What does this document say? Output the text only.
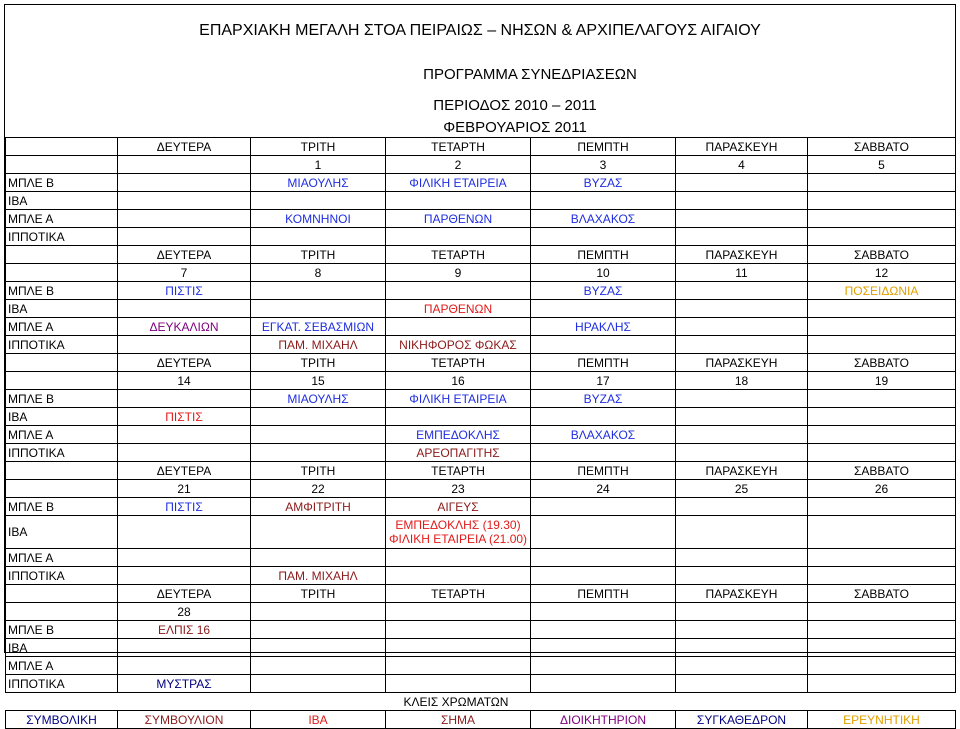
ΕΠΑΡΧΙΑΚΗ ΜΕΓΑΛΗ ΣΤΟΑ ΠΕΙΡΑΙΩΣ – ΝΗΣΩΝ & ΑΡΧΙΠΕΛΑΓΟΥΣ ΑΙΓΑΙΟΥ
ΠΡΟΓΡΑΜΜΑ ΣΥΝΕΔΡΙΑΣΕΩΝ
ΠΕΡΙΟΔΟΣ 2010 – 2011
ΦΕΒΡΟΥΑΡΙΟΣ 2011
	ΔΕΥΤΕΡΑ	ΤΡΙΤΗ	ΤΕΤΑΡΤΗ	ΠΕΜΠΤΗ	ΠΑΡΑΣΚΕΥΗ	ΣΑΒΒΑΤΟ
		1	2	3	4	5
ΜΠΛΕ Β		ΜΙΑΟΥΛΗΣ	ΦΙΛΙΚΗ ΕΤΑΙΡΕΙΑ	ΒΥΖΑΣ		
ΙΒΑ						
ΜΠΛΕ Α		ΚΟΜΝΗΝΟΙ	ΠΑΡΘΕΝΩΝ	ΒΛΑΧΑΚΟΣ		
ΙΠΠΟΤΙΚΑ						
	ΔΕΥΤΕΡΑ	ΤΡΙΤΗ	ΤΕΤΑΡΤΗ	ΠΕΜΠΤΗ	ΠΑΡΑΣΚΕΥΗ	ΣΑΒΒΑΤΟ
	7	8	9	10	11	12
ΜΠΛΕ Β	ΠΙΣΤΙΣ			ΒΥΖΑΣ		ΠΟΣΕΙΔΩΝΙΑ
ΙΒΑ			ΠΑΡΘΕΝΩΝ			
ΜΠΛΕ Α	ΔΕΥΚΑΛΙΩΝ	ΕΓΚΑΤ. ΣΕΒΑΣΜΙΩΝ		ΗΡΑΚΛΗΣ		
ΙΠΠΟΤΙΚΑ		ΠΑΜ. ΜΙΧΑΗΛ	ΝΙΚΗΦΟΡΟΣ ΦΩΚΑΣ			
	ΔΕΥΤΕΡΑ	ΤΡΙΤΗ	ΤΕΤΑΡΤΗ	ΠΕΜΠΤΗ	ΠΑΡΑΣΚΕΥΗ	ΣΑΒΒΑΤΟ
	14	15	16	17	18	19
ΜΠΛΕ Β		ΜΙΑΟΥΛΗΣ	ΦΙΛΙΚΗ ΕΤΑΙΡΕΙΑ	ΒΥΖΑΣ		
ΙΒΑ	ΠΙΣΤΙΣ					
ΜΠΛΕ Α			ΕΜΠΕΔΟΚΛΗΣ	ΒΛΑΧΑΚΟΣ		
ΙΠΠΟΤΙΚΑ			ΑΡΕΟΠΑΓΙΤΗΣ			
	ΔΕΥΤΕΡΑ	ΤΡΙΤΗ	ΤΕΤΑΡΤΗ	ΠΕΜΠΤΗ	ΠΑΡΑΣΚΕΥΗ	ΣΑΒΒΑΤΟ
	21	22	23	24	25	26
ΜΠΛΕ Β	ΠΙΣΤΙΣ	ΑΜΦΙΤΡΙΤΗ	ΑΙΓΕΥΣ			
ΙΒΑ			ΕΜΠΕΔΟΚΛΗΣ (19.30)
ΦΙΛΙΚΗ ΕΤΑΙΡΕΙΑ (21.00)			

ΜΠΛΕ Α						
ΙΠΠΟΤΙΚΑ		ΠΑΜ. ΜΙΧΑΗΛ				
	ΔΕΥΤΕΡΑ	ΤΡΙΤΗ	ΤΕΤΑΡΤΗ	ΠΕΜΠΤΗ	ΠΑΡΑΣΚΕΥΗ	ΣΑΒΒΑΤΟ
	28					
ΜΠΛΕ Β	ΕΛΠΙΣ 16					
ΙΒΑ						
ΜΠΛΕ Α						
ΙΠΠΟΤΙΚΑ	ΜΥΣΤΡΑΣ					
	ΚΛΕΙΣ ΧΡΩΜΑΤΩΝ					
ΣΥΜΒΟΛΙΚΗ	ΣΥΜΒΟΥΛΙΟΝ	ΙΒΑ	ΣΗΜΑ	ΔΙΟΙΚΗΤΗΡΙΟΝ	ΣΥΓΚΑΘΕΔΡΟΝ	ΕΡΕΥΝΗΤΙΚΗ
